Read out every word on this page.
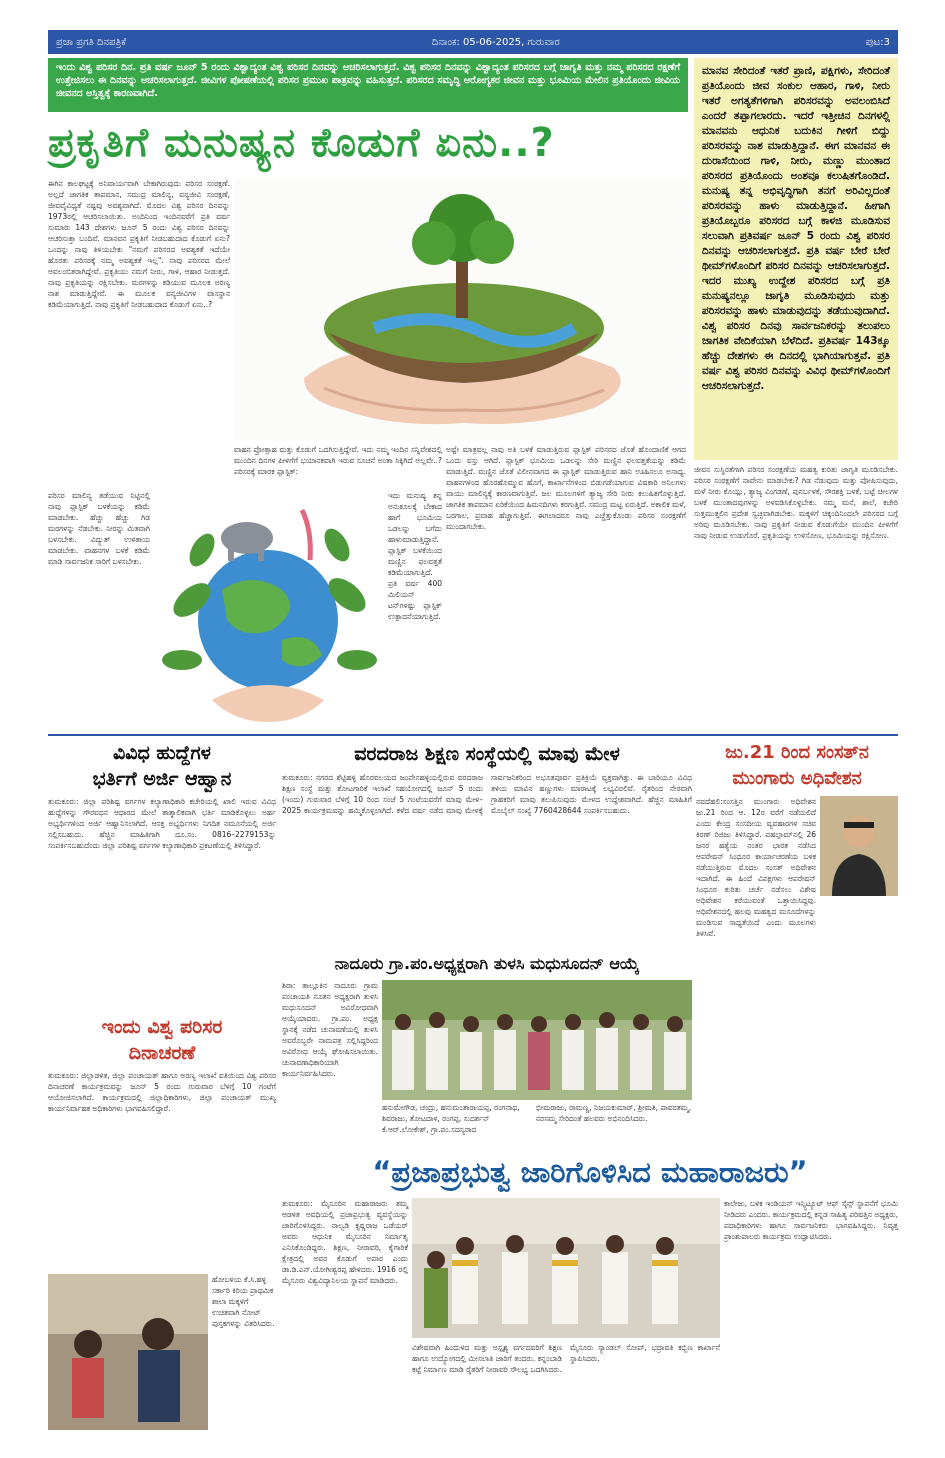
ಪ್ರಜಾ ಪ್ರಗತಿ ದಿನಪತ್ರಿಕೆ	ದಿನಾಂಕ: 05-06-2025, ಗುರುವಾರ	ಪುಟ:3
ಇಂದು ವಿಶ್ವ ಪರಿಸರ ದಿನ. ಪ್ರತಿ ವರ್ಷ ಜೂನ್ 5 ರಂದು ವಿಶ್ವಾದ್ಯಂತ ವಿಶ್ವ ಪರಿಸರ ದಿನವನ್ನು ಆಚರಿಸಲಾಗುತ್ತದೆ. ವಿಶ್ವ ಪರಿಸರ ದಿನವನ್ನು ವಿಶ್ವಾದ್ಯಂತ ಪರಿಸರದ ಬಗ್ಗೆ ಜಾಗೃತಿ ಮತ್ತು ನಮ್ಮ ಪರಿಸರದ ರಕ್ಷಣೆಗೆ ಉತ್ತೇಜಿಸಲು ಈ ದಿನವನ್ನು ಆಚರಿಸಲಾಗುತ್ತದೆ. ಜೀವಿಗಳ ಪೋಷಣೆಯಲ್ಲಿ ಪರಿಸರ ಪ್ರಮುಖ ಪಾತ್ರವನ್ನು ವಹಿಸುತ್ತದೆ. ಪರಿಸರದ ಸಮೃದ್ಧಿ ಆರೋಗ್ಯಕರ ಜೀವನ ಮತ್ತು ಭೂಮಿಯ ಮೇಲಿನ ಪ್ರತಿಯೊಂದು ಜೀವಿಯ ಜೀವನದ ಅಸ್ತಿತ್ವಕ್ಕೆ ಕಾರಣವಾಗಿದೆ.
ಮಾನವ ಸೇರಿದಂತೆ ಇತರೆ ಪ್ರಾಣಿ, ಪಕ್ಷಿಗಳು, ಸೇರಿದಂತೆ ಪ್ರತಿಯೊಂದು ಜೀವ ಸಂಕುಲ ಆಹಾರ, ಗಾಳಿ, ನೀರು ಇತರೆ ಅಗತ್ಯತೆಗಳಿಗಾಗಿ ಪರಿಸರವನ್ನು ಅವಲಂಬಿಸಿದೆ ಎಂದರೆ ತಪ್ಪಾಗಲಾರದು. ಇದರೆ ಇತ್ತೀಚಿನ ದಿನಗಳಲ್ಲಿ ಮಾನವನು ಆಧುನಿಕ ಬದುಕಿನ ಗೀಳಿಗೆ ಬಿದ್ದು ಪರಿಸರವನ್ನು ನಾಶ ಮಾಡುತ್ತಿದ್ದಾನೆ. ಈಗ ಮಾನವನ ಈ ದುರಾಸೆಯಿಂದ ಗಾಳಿ, ನೀರು, ಮಣ್ಣು ಮುಂತಾದ ಪರಿಸರದ ಪ್ರತಿಯೊಂದು ಅಂಶವೂ ಕಲುಷಿತಗೊಂಡಿದೆ. ಮನುಷ್ಯ ತನ್ನ ಅಭಿವೃದ್ಧಿಗಾಗಿ ತನಗೆ ಅರಿವಿಲ್ಲದಂತೆ ಪರಿಸರವನ್ನು ಹಾಳು ಮಾಡುತ್ತಿದ್ದಾನೆ. ಹೀಗಾಗಿ ಪ್ರತಿಯೊಬ್ಬರೂ ಪರಿಸರದ ಬಗ್ಗೆ ಕಾಳಜಿ ಮೂಡಿಸುವ ಸಲುವಾಗಿ ಪ್ರತಿವರ್ಷ ಜೂನ್ 5 ರಂದು ವಿಶ್ವ ಪರಿಸರ ದಿನವನ್ನು ಆಚರಿಸಲಾಗುತ್ತದೆ. ಪ್ರತಿ ವರ್ಷ ಬೇರೆ ಬೇರೆ ಥೀಮ್‌ಗಳೊಂದಿಗೆ ಪರಿಸರ ದಿನವನ್ನು ಆಚರಿಸಲಾಗುತ್ತದೆ. ಇದರ ಮುಖ್ಯ ಉದ್ದೇಶ ಪರಿಸರದ ಬಗ್ಗೆ ಪ್ರತಿ ಮನುಷ್ಯನಲ್ಲೂ ಜಾಗೃತಿ ಮೂಡಿಸುವುದು ಮತ್ತು ಪರಿಸರವನ್ನು ಹಾಳು ಮಾಡುವುದನ್ನು ತಡೆಯುವುದಾಗಿದೆ. ವಿಶ್ವ ಪರಿಸರ ದಿನವು ಸಾರ್ವಜನಿಕರನ್ನು ತಲುಪಲು ಜಾಗತಿಕ ವೇದಿಕೆಯಾಗಿ ಬೆಳೆದಿದೆ. ಪ್ರತಿವರ್ಷ 143ಕ್ಕೂ ಹೆಚ್ಚು ದೇಶಗಳು ಈ ದಿನದಲ್ಲಿ ಭಾಗಿಯಾಗುತ್ತವೆ. ಪ್ರತಿ ವರ್ಷ ವಿಶ್ವ ಪರಿಸರ ದಿನವನ್ನು ವಿವಿಧ ಥೀಮ್‌ಗಳೊಂದಿಗೆ ಆಚರಿಸಲಾಗುತ್ತದೆ.
ಪ್ರಕೃತಿಗೆ ಮನುಷ್ಯನ ಕೊಡುಗೆ ಏನು..?
ಈಗಿನ ಕಾಲಘಟ್ಟಕ್ಕೆ ಅನಿವಾರ್ಯವಾಗಿ ಬೇಕಾಗಿರುವುದು ಪರಿಸರ ಸಂರಕ್ಷಣೆ. ಅಲ್ಲದೆ ಜಾಗತಿಕ ತಾಪಮಾನ, ಸಮುದ್ರ ಮಾಲಿನ್ಯ, ವನ್ಯಜೀವಿ ಸಂರಕ್ಷಣೆ, ಜೀವವೈವಿಧ್ಯತೆ ನಷ್ಟವು ಅವಶ್ಯವಾಗಿದೆ. ಮೊದಲ ವಿಶ್ವ ಪರಿಸರ ದಿನವನ್ನು 1973ರಲ್ಲಿ ಆಚರಿಸಲಾಯಿತು. ಅಂದಿನಿಂದ ಇಂದಿನವರೆಗೆ ಪ್ರತಿ ವರ್ಷ ಸುಮಾರು 143 ದೇಶಗಳು ಜೂನ್ 5 ರಂದು ವಿಶ್ವ ಪರಿಸರ ದಿನವನ್ನು ಆಚರಿಸುತ್ತಾ ಬಂದಿವೆ. ಮಾನವನ ಪ್ರಕೃತಿಗೆ ನೀಡಬಹುದಾದ ಕೊಡುಗೆ ಏನು? ಒಂದನ್ನು ನಾವು ತಿಳಿಯಬೇಕು "ನಮಗೆ ಪರಿಸರದ ಅವಶ್ಯಕತೆ ಇದೆಯೇ ಹೊರತು ಪರಿಸರಕ್ಕೆ ನಮ್ಮ ಅವಶ್ಯಕತೆ ಇಲ್ಲ". ನಾವು ಪರಿಸರದ ಮೇಲೆ ಅವಲಂಬಿತರಾಗಿದ್ದೇವೆ. ಪ್ರಕೃತಿಯು ನಮಗೆ ನೀರು, ಗಾಳಿ, ಆಹಾರ ನೀಡುತ್ತದೆ. ನಾವು ಪ್ರಕೃತಿಯನ್ನು ರಕ್ಷಿಸಬೇಕು. ಮರಗಳನ್ನು ಕಡಿಯುವ ಮೂಲಕ ಅರಣ್ಯ ನಾಶ ಮಾಡುತ್ತಿದ್ದೇವೆ. ಈ ಮೂಲಕ ವನ್ಯಜೀವಿಗಳ ವಾಸಸ್ಥಾನ ಕಡಿಮೆಯಾಗುತ್ತಿದೆ. ನಾವು ಪ್ರಕೃತಿಗೆ ನೀಡಬಹುದಾದ ಕೊಡುಗೆ ಏನು..?
ಪರಿಸರ ಮಾಲಿನ್ಯ ತಡೆಯುವ ನಿಟ್ಟಿನಲ್ಲಿ ನಾವು ಪ್ಲಾಸ್ಟಿಕ್ ಬಳಕೆಯನ್ನು ಕಡಿಮೆ ಮಾಡಬೇಕು. ಹೆಚ್ಚು ಹೆಚ್ಚು ಗಿಡ ಮರಗಳನ್ನು ನೆಡಬೇಕು. ನೀರನ್ನು ಮಿತವಾಗಿ ಬಳಸಬೇಕು. ವಿದ್ಯುತ್ ಉಳಿತಾಯ ಮಾಡಬೇಕು. ವಾಹನಗಳ ಬಳಕೆ ಕಡಿಮೆ ಮಾಡಿ ಸಾರ್ವಜನಿಕ ಸಾರಿಗೆ ಬಳಸಬೇಕು.
ವಾಹನ ಪ್ರೋತ್ಸಾಹ ಮತ್ತು ಕೊಡುಗೆ ಒದಗಿಸುತ್ತಿದ್ದೇವೆ. ಇದು ನಮ್ಮ ಇಂದಿನ ಸನ್ನಿವೇಶದಲ್ಲಿ ಮುಂದಿನ ದಿನಗಳ ಪೀಳಿಗೆಗೆ ಭಯಾನಕವಾಗಿ ಇರುವ ಸೂಚನೆ ಅಂತಾ ಸಿಕ್ಕಿಗಿದೆ ಅಲ್ಲವೇ..? ಪರಿಸರಕ್ಕೆ ಮಾರಕ ಪ್ಲಾಸ್ಟಿಕ್:
ಇದು ಮನುಷ್ಯ ತನ್ನ ಅನುಕೂಲಕ್ಕೆ ಬೇಕಾದ ಹಾಗೆ ಭೂಮಿಯ ಒಡಲನ್ನು ಬಗೆದು ಹಾಳುಮಾಡುತ್ತಿದ್ದಾನೆ. ಪ್ಲಾಸ್ಟಿಕ್ ಬಳಕೆಯಿಂದ ಮಣ್ಣಿನ ಫಲವತ್ತತೆ ಕಡಿಮೆಯಾಗುತ್ತಿದೆ. ಪ್ರತಿ ವರ್ಷ 400 ಮಿಲಿಯನ್ ಟನ್‌ಗಳಷ್ಟು ಪ್ಲಾಸ್ಟಿಕ್ ಉತ್ಪಾದನೆಯಾಗುತ್ತಿದೆ.
ಅಷ್ಟೇ ಮಾತ್ರವಲ್ಲ ನಾವು ಅತಿ ಬಳಕೆ ಮಾಡುತ್ತಿರುವ ಪ್ಲಾಸ್ಟಿಕ್ ಪರಿಸರದ ಜೊತೆ ಹೊಂದಾಣಿಕೆ ಆಗದ ಒಂದು ವಸ್ತು ಆಗಿದೆ. ಪ್ಲಾಸ್ಟಿಕ್ ಭೂಮಿಯ ಒಡಲನ್ನು ಸೇರಿ ಮಣ್ಣಿನ ಫಲವತ್ತತೆಯನ್ನು ಕಡಿಮೆ ಮಾಡುತ್ತಿದೆ. ಮಣ್ಣಿನ ಜೊತೆ ವಿಲೀನವಾಗದ ಈ ಪ್ಲಾಸ್ಟಿಕ್ ಮಾಡುತ್ತಿರುವ ಹಾನಿ ಊಹಿಸಲೂ ಅಸಾಧ್ಯ. ವಾಹನಗಳಿಂದ ಹೊರಹೊಮ್ಮುವ ಹೊಗೆ, ಕಾರ್ಖಾನೆಗಳಿಂದ ಬಿಡುಗಡೆಯಾಗುವ ವಿಷಕಾರಿ ಅನಿಲಗಳು ವಾಯು ಮಾಲಿನ್ಯಕ್ಕೆ ಕಾರಣವಾಗುತ್ತಿವೆ. ಜಲ ಮೂಲಗಳಿಗೆ ತ್ಯಾಜ್ಯ ಸೇರಿ ನೀರು ಕಲುಷಿತಗೊಳ್ಳುತ್ತಿದೆ. ಜಾಗತಿಕ ತಾಪಮಾನ ಏರಿಕೆಯಿಂದ ಹಿಮನದಿಗಳು ಕರಗುತ್ತಿವೆ. ಸಮುದ್ರ ಮಟ್ಟ ಏರುತ್ತಿದೆ. ಅಕಾಲಿಕ ಮಳೆ, ಬರಗಾಲ, ಪ್ರವಾಹ ಹೆಚ್ಚಾಗುತ್ತಿವೆ. ಈಗಲಾದರೂ ನಾವು ಎಚ್ಚೆತ್ತುಕೊಂಡು ಪರಿಸರ ಸಂರಕ್ಷಣೆಗೆ ಮುಂದಾಗಬೇಕು.
ಜೀವನ ಸುಸ್ಥಿರತೆಗಾಗಿ ಪರಿಸರ ಸಂರಕ್ಷಣೆಯ ಮಹತ್ವ ಕುರಿತು ಜಾಗೃತಿ ಮೂಡಿಸಬೇಕು. ಪರಿಸರ ಸಂರಕ್ಷಣೆಗೆ ನಾವೇನು ಮಾಡಬೇಕು? ಗಿಡ ನೆಡುವುದು ಮತ್ತು ಪೋಷಿಸುವುದು, ಮಳೆ ನೀರು ಕೊಯ್ಲು, ತ್ಯಾಜ್ಯ ವಿಂಗಡಣೆ, ಪುನರ್ಬಳಕೆ, ಸೌರಶಕ್ತಿ ಬಳಕೆ, ಬಟ್ಟೆ ಚೀಲಗಳ ಬಳಕೆ ಮುಂತಾದವುಗಳನ್ನು ಅಳವಡಿಸಿಕೊಳ್ಳಬೇಕು. ನಮ್ಮ ಮನೆ, ಶಾಲೆ, ಕಚೇರಿ ಸುತ್ತಮುತ್ತಲಿನ ಪ್ರದೇಶ ಸ್ವಚ್ಛವಾಗಿಡಬೇಕು. ಮಕ್ಕಳಿಗೆ ಚಿಕ್ಕಂದಿನಿಂದಲೇ ಪರಿಸರದ ಬಗ್ಗೆ ಅರಿವು ಮೂಡಿಸಬೇಕು. ನಾವು ಪ್ರಕೃತಿಗೆ ನೀಡುವ ಕೊಡುಗೆಯೇ ಮುಂದಿನ ಪೀಳಿಗೆಗೆ ನಾವು ನೀಡುವ ಉಡುಗೊರೆ. ಪ್ರಕೃತಿಯನ್ನು ಉಳಿಸೋಣ, ಭೂಮಿಯನ್ನು ರಕ್ಷಿಸೋಣ.
ವಿವಿಧ ಹುದ್ದೆಗಳ
ಭರ್ತಿಗೆ ಅರ್ಜಿ ಆಹ್ವಾನ
ತುಮಕೂರು: ಜಿಲ್ಲಾ ಪರಿಶಿಷ್ಟ ವರ್ಗಗಳ ಕಲ್ಯಾಣಾಧಿಕಾರಿ ಕಚೇರಿಯಲ್ಲಿ ಖಾಲಿ ಇರುವ ವಿವಿಧ ಹುದ್ದೆಗಳನ್ನು ಗೌರವಧನ ಆಧಾರದ ಮೇಲೆ ತಾತ್ಕಾಲಿಕವಾಗಿ ಭರ್ತಿ ಮಾಡಿಕೊಳ್ಳಲು ಅರ್ಹ ಅಭ್ಯರ್ಥಿಗಳಿಂದ ಅರ್ಜಿ ಆಹ್ವಾನಿಸಲಾಗಿದೆ. ಆಸಕ್ತ ಅಭ್ಯರ್ಥಿಗಳು ನಿಗದಿತ ನಮೂನೆಯಲ್ಲಿ ಅರ್ಜಿ ಸಲ್ಲಿಸಬಹುದು. ಹೆಚ್ಚಿನ ಮಾಹಿತಿಗಾಗಿ ದೂ.ಸಂ. 0816–2279153ನ್ನು ಸಂಪರ್ಕಿಸಬಹುದೆಂದು ಜಿಲ್ಲಾ ಪರಿಶಿಷ್ಟ ವರ್ಗಗಳ ಕಲ್ಯಾಣಾಧಿಕಾರಿ ಪ್ರಕಟಣೆಯಲ್ಲಿ ತಿಳಿಸಿದ್ದಾರೆ.
ಇಂದು ವಿಶ್ವ ಪರಿಸರ
ದಿನಾಚರಣೆ
ತುಮಕೂರು: ಜಿಲ್ಲಾಡಳಿತ, ಜಿಲ್ಲಾ ಪಂಚಾಯತ್ ಹಾಗೂ ಅರಣ್ಯ ಇಲಾಖೆ ವತಿಯಿಂದ ವಿಶ್ವ ಪರಿಸರ ದಿನಾಚರಣೆ ಕಾರ್ಯಕ್ರಮವನ್ನು ಜೂನ್ 5 ರಂದು ಗುರುವಾರ ಬೆಳಿಗ್ಗೆ 10 ಗಂಟೆಗೆ ಆಯೋಜಿಸಲಾಗಿದೆ. ಕಾರ್ಯಕ್ರಮದಲ್ಲಿ ಜಿಲ್ಲಾಧಿಕಾರಿಗಳು, ಜಿಲ್ಲಾ ಪಂಚಾಯತ್ ಮುಖ್ಯ ಕಾರ್ಯನಿರ್ವಾಹಕ ಅಧಿಕಾರಿಗಳು ಭಾಗವಹಿಸಲಿದ್ದಾರೆ.
ಹೋಬಳಿಯ ಕೆ.ಸಿ.ಹಳ್ಳಿ ಸರ್ಕಾರಿ ಕಿರಿಯ ಪ್ರಾಥಮಿಕ ಶಾಲಾ ಮಕ್ಕಳಿಗೆ ಉಚಿತವಾಗಿ ನೋಟ್ ಪುಸ್ತಕಗಳನ್ನು ವಿತರಿಸಿದರು.
ವರದರಾಜ ಶಿಕ್ಷಣ ಸಂಸ್ಥೆಯಲ್ಲಿ ಮಾವು ಮೇಳ
ತುಮಕೂರು: ನಗರದ ಶೆಟ್ಟಿಹಳ್ಳಿ ಹೊರವಲಯದ ಜಂಪೇನಹಳ್ಳಿಯಲ್ಲಿರುವ ವರದರಾಜ ಶಿಕ್ಷಣ ಸಂಸ್ಥೆ ಮತ್ತು ತೋಟಗಾರಿಕೆ ಇಲಾಖೆ ಸಹಯೋಗದಲ್ಲಿ ಜೂನ್ 5 ರಂದು (ಇಂದು) ಗುರುವಾರ ಬೆಳಿಗ್ಗೆ 10 ರಿಂದ ಸಂಜೆ 5 ಗಂಟೆಯವರೆಗೆ ಮಾವು ಮೇಳ–2025 ಕಾರ್ಯಕ್ರಮವನ್ನು ಹಮ್ಮಿಕೊಳ್ಳಲಾಗಿದೆ. ಕಳೆದ ವರ್ಷ ನಡೆದ ಮಾವು ಮೇಳಕ್ಕೆ ಸಾರ್ವಜನಿಕರಿಂದ ಅಭೂತಪೂರ್ವ ಪ್ರತಿಕ್ರಿಯೆ ವ್ಯಕ್ತವಾಗಿತ್ತು. ಈ ಬಾರಿಯೂ ವಿವಿಧ ತಳಿಯ ಮಾವಿನ ಹಣ್ಣುಗಳು ಮಾರಾಟಕ್ಕೆ ಲಭ್ಯವಿರಲಿವೆ. ರೈತರಿಂದ ನೇರವಾಗಿ ಗ್ರಾಹಕರಿಗೆ ಮಾವು ತಲುಪಿಸುವುದು ಮೇಳದ ಉದ್ದೇಶವಾಗಿದೆ. ಹೆಚ್ಚಿನ ಮಾಹಿತಿಗೆ ಮೊಬೈಲ್ ಸಂಖ್ಯೆ 7760428644 ಸಂಪರ್ಕಿಸಬಹುದು.
ಜು.21 ರಿಂದ ಸಂಸತ್‌ನ
ಮುಂಗಾರು ಅಧಿವೇಶನ
ನವದೆಹಲಿ:ಸಂಸತ್ತಿನ ಮುಂಗಾರು ಅಧಿವೇಶನ ಜು.21 ರಿಂದ ಆ. 12ರ ವರೆಗೆ ನಡೆಯಲಿದೆ ಎಂದು ಕೇಂದ್ರ ಸಂಸದೀಯ ವ್ಯವಹಾರಗಳ ಸಚಿವ ಕಿರಣ್ ರಿಜಿಜು ತಿಳಿಸಿದ್ದಾರೆ. ಪಹಲ್ಗಾಮ್‌ನಲ್ಲಿ 26 ಜನರ ಹತ್ಯೆಯ ನಂತರ ಭಾರತ ನಡೆಸಿದ ಆಪರೇಷನ್ ಸಿಂಧೂರ ಕಾರ್ಯಾಚರಣೆಯ ಬಳಿಕ ನಡೆಯುತ್ತಿರುವ ಮೊದಲ ಸಂಸತ್ ಅಧಿವೇಶನ ಇದಾಗಿದೆ. ಈ ಹಿಂದೆ ವಿಪಕ್ಷಗಳು ಆಪರೇಷನ್ ಸಿಂಧೂರ ಕುರಿತು ಚರ್ಚೆ ನಡೆಸಲು ವಿಶೇಷ ಅಧಿವೇಶನ ಕರೆಯುವಂತೆ ಒತ್ತಾಯಿಸಿದ್ದವು. ಅಧಿವೇಶನದಲ್ಲಿ ಹಲವು ಮಹತ್ವದ ಮಸೂದೆಗಳನ್ನು ಮಂಡಿಸುವ ಸಾಧ್ಯತೆಯಿದೆ ಎಂದು ಮೂಲಗಳು ತಿಳಿಸಿವೆ.
ನಾದೂರು ಗ್ರಾ.ಪಂ.ಅಧ್ಯಕ್ಷರಾಗಿ ತುಳಸಿ ಮಧುಸೂದನ್ ಆಯ್ಕೆ
ಶಿರಾ: ತಾಲ್ಲೂಕಿನ ನಾದೂರು ಗ್ರಾಮ ಪಂಚಾಯತಿ ನೂತನ ಅಧ್ಯಕ್ಷರಾಗಿ ತುಳಸಿ ಮಧುಸೂದನ್ ಅವಿರೋಧವಾಗಿ ಆಯ್ಕೆಯಾದರು. ಗ್ರಾ.ಪಂ. ಅಧ್ಯಕ್ಷ ಸ್ಥಾನಕ್ಕೆ ನಡೆದ ಚುನಾವಣೆಯಲ್ಲಿ ತುಳಸಿ ಅವರೊಬ್ಬರೇ ನಾಮಪತ್ರ ಸಲ್ಲಿಸಿದ್ದರಿಂದ ಅವಿರೋಧ ಆಯ್ಕೆ ಘೋಷಿಸಲಾಯಿತು. ಚುನಾವಣಾಧಿಕಾರಿಯಾಗಿ ಕಾರ್ಯನಿರ್ವಹಿಸಿದರು.
ಹನುಮೇಗೌಡ, ಚಂದ್ರು, ಹನುಮಂತಾರಾಯಪ್ಪ, ರಂಗನಾಥ, ಶಿವರಾಜು, ತೋಟದಾಳ, ರಂಗಪ್ಪ, ಸುದರ್ಶನ್ ಕೆ.ಆರ್.ಲೋಕೇಶ್, ಗ್ರಾ.ಪಂ.ಸದಸ್ಯರಾದ
ಭೀಮರಾಜು, ರಾಮಣ್ಣ, ನಿಜಯಕುಮಾರ್, ಶ್ರೀಮತಿ, ಪಾವರತಮ್ಮ, ನರಸಮ್ಮ ಸೇರಿದಂತೆ ಹಲವರು ಅಭಿನಂದಿಸಿದರು.
“ಪ್ರಜಾಪ್ರಭುತ್ವ ಜಾರಿಗೊಳಿಸಿದ ಮಹಾರಾಜರು”
ತುಮಕೂರು: ಮೈಸೂರಿನ ಮಹಾರಾಜರು ತಮ್ಮ ಆಡಳಿತ ಅವಧಿಯಲ್ಲಿ ಪ್ರಜಾಪ್ರಭುತ್ವ ವ್ಯವಸ್ಥೆಯನ್ನು ಜಾರಿಗೊಳಿಸಿದ್ದರು. ನಾಲ್ವಡಿ ಕೃಷ್ಣರಾಜ ಒಡೆಯರ್ ಅವರು ಆಧುನಿಕ ಮೈಸೂರಿನ ನಿರ್ಮಾತೃ ಎನಿಸಿಕೊಂಡಿದ್ದರು. ಶಿಕ್ಷಣ, ನೀರಾವರಿ, ಕೈಗಾರಿಕೆ ಕ್ಷೇತ್ರದಲ್ಲಿ ಅವರ ಕೊಡುಗೆ ಅಪಾರ ಎಂದು ಡಾ.ಡಿ.ಎನ್.ಯೋಗೀಶ್ವರಪ್ಪ ಹೇಳಿದರು. 1916 ರಲ್ಲಿ ಮೈಸೂರು ವಿಶ್ವವಿದ್ಯಾನಿಲಯ ಸ್ಥಾಪನೆ ಮಾಡಿದರು.
ವಿಶೇಷವಾಗಿ ಹಿಂದುಳಿದ ಮತ್ತು ಅಸ್ಪೃಶ್ಯ ವರ್ಗದವರಿಗೆ ಶಿಕ್ಷಣ ಹಾಗೂ ಉದ್ಯೋಗದಲ್ಲಿ ಮೀಸಲಾತಿ ಜಾರಿಗೆ ತಂದರು. ಕನ್ನಂಬಾಡಿ ಕಟ್ಟೆ ನಿರ್ಮಾಣ ಮಾಡಿ ರೈತರಿಗೆ ನೀರಾವರಿ ಸೌಲಭ್ಯ ಒದಗಿಸಿದರು. ಮೈಸೂರು ಸ್ಯಾಂಡಲ್ ಸೋಪ್, ಭದ್ರಾವತಿ ಕಬ್ಬಿಣ ಕಾರ್ಖಾನೆ ಸ್ಥಾಪಿಸಿದರು.
ಕಾಲೇಜು, ಬಳಿಕ ಇಂಡಿಯನ್ ಇನ್ಸ್ಟಿಟ್ಯೂಟ್ ಆಫ್ ಸೈನ್ಸ್ ಸ್ಥಾಪನೆಗೆ ಭೂಮಿ ನೀಡಿದರು ಎಂದರು. ಕಾರ್ಯಕ್ರಮದಲ್ಲಿ ಕನ್ನಡ ಸಾಹಿತ್ಯ ಪರಿಷತ್ತಿನ ಅಧ್ಯಕ್ಷರು, ಪದಾಧಿಕಾರಿಗಳು ಹಾಗೂ ಸಾರ್ವಜನಿಕರು ಭಾಗವಹಿಸಿದ್ದರು. ನಿವೃತ್ತ ಪ್ರಾಂಶುಪಾಲರು ಕಾರ್ಯಕ್ರಮ ಉದ್ಘಾಟಿಸಿದರು.
